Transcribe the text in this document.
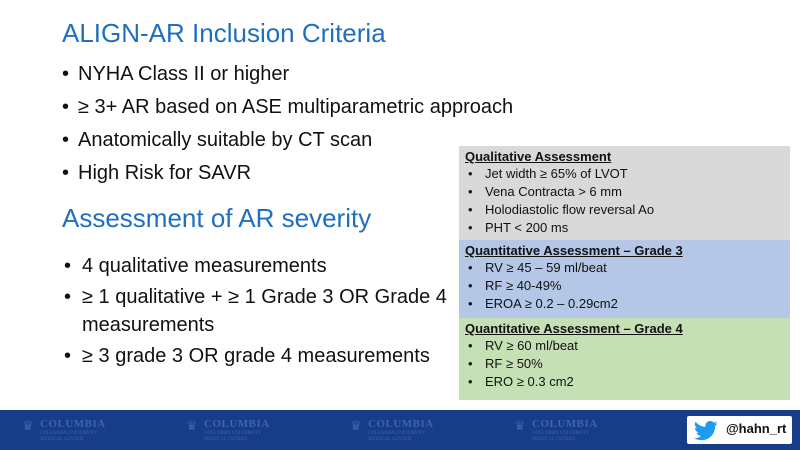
ALIGN-AR Inclusion Criteria
• NYHA Class II or higher
• ≥ 3+ AR based on ASE multiparametric approach
• Anatomically suitable by CT scan
• High Risk for SAVR
Assessment of AR severity
• 4 qualitative measurements
• ≥ 1 qualitative + ≥ 1 Grade 3 OR Grade 4 measurements
• ≥ 3 grade 3 OR grade 4 measurements
Qualitative Assessment
• Jet width ≥ 65% of LVOT
• Vena Contracta > 6 mm
• Holodiastolic flow reversal Ao
• PHT < 200 ms
Quantitative Assessment – Grade 3
• RV ≥ 45 – 59 ml/beat
• RF ≥ 40-49%
• EROA ≥ 0.2 – 0.29cm2
Quantitative Assessment – Grade 4
• RV ≥ 60 ml/beat
• RF ≥ 50%
• ERO ≥ 0.3 cm2
♛ COLUMBIA
COLUMBIA UNIVERSITY
MEDICAL CENTER
♛ COLUMBIA
COLUMBIA UNIVERSITY
MEDICAL CENTER
♛ COLUMBIA
COLUMBIA UNIVERSITY
MEDICAL CENTER
♛ COLUMBIA
COLUMBIA UNIVERSITY
MEDICAL CENTER
@hahn_rt
